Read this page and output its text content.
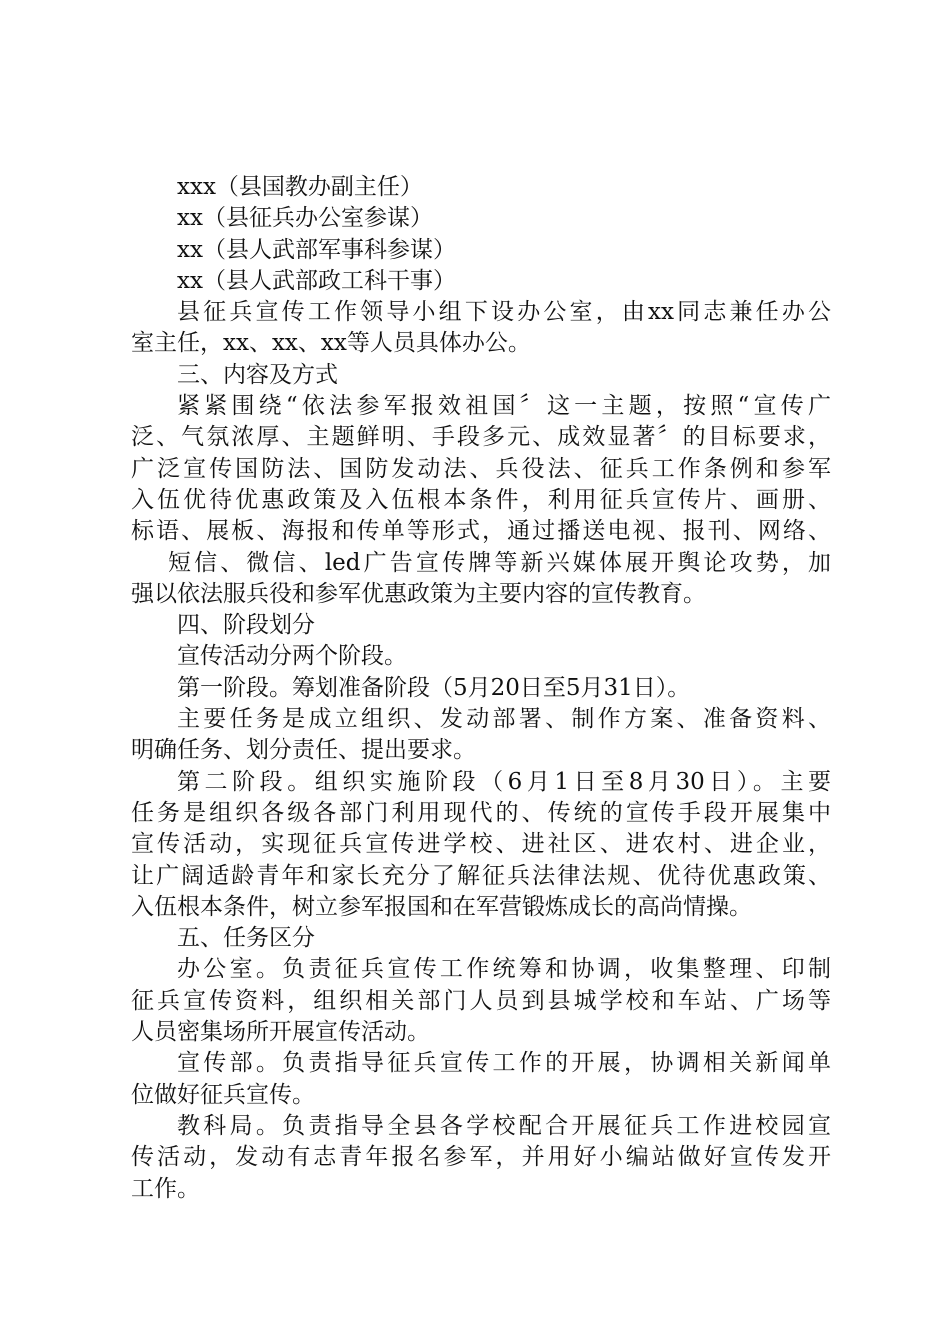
xxx（县国教办副主任）

xx（县征兵办公室参谋）

xx（县人武部军事科参谋）

xx（县人武部政工科干事）

县征兵宣传工作领导小组下设办公室，由xx同志兼任办公

室主任，xx、xx、xx等人员具体办公。

三、内容及方式

紧紧围绕“依法参军报效祖国〞这一主题，按照“宣传广

泛、气氛浓厚、主题鲜明、手段多元、成效显著〞的目标要求，

广泛宣传国防法、国防发动法、兵役法、征兵工作条例和参军

入伍优待优惠政策及入伍根本条件，利用征兵宣传片、画册、

标语、展板、海报和传单等形式，通过播送电视、报刊、网络、

短信、微信、led广告宣传牌等新兴媒体展开舆论攻势，加

强以依法服兵役和参军优惠政策为主要内容的宣传教育。

四、阶段划分

宣传活动分两个阶段。

第一阶段。筹划准备阶段（5月20日至5月31日）。

主要任务是成立组织、发动部署、制作方案、准备资料、

明确任务、划分责任、提出要求。

第二阶段。组织实施阶段（6月1日至8月30日）。主要

任务是组织各级各部门利用现代的、传统的宣传手段开展集中

宣传活动，实现征兵宣传进学校、进社区、进农村、进企业，

让广阔适龄青年和家长充分了解征兵法律法规、优待优惠政策、

入伍根本条件，树立参军报国和在军营锻炼成长的高尚情操。

五、任务区分

办公室。负责征兵宣传工作统筹和协调，收集整理、印制

征兵宣传资料，组织相关部门人员到县城学校和车站、广场等

人员密集场所开展宣传活动。

宣传部。负责指导征兵宣传工作的开展，协调相关新闻单

位做好征兵宣传。

教科局。负责指导全县各学校配合开展征兵工作进校园宣

传活动，发动有志青年报名参军，并用好小编站做好宣传发开

工作。
